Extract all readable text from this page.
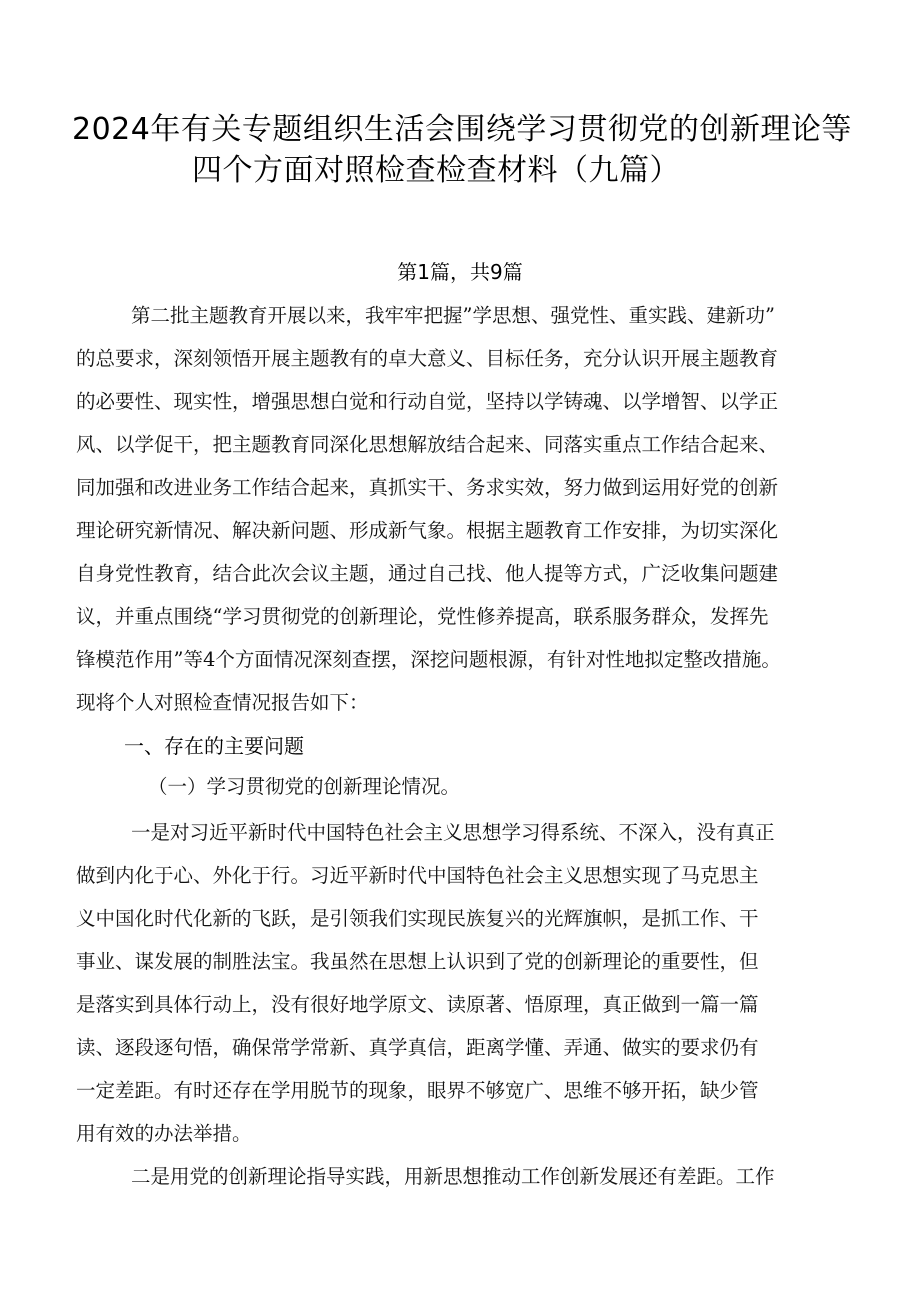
2024年有关专题组织生活会围绕学习贯彻党的创新理论等
四个方面对照检查检查材料（九篇）
第1篇，共9篇
第二批主题教育开展以来，我牢牢把握”学思想、强党性、重实践、建新功”
的总要求，深刻领悟开展主题教有的卓大意义、目标任务，充分认识开展主题教育
的必要性、现实性，增强思想白觉和行动自觉，坚持以学铸魂、以学增智、以学正
风、以学促干，把主题教育同深化思想解放结合起来、同落实重点工作结合起来、
同加强和改进业务工作结合起来，真抓实干、务求实效，努力做到运用好党的创新
理论研究新情况、解决新问题、形成新气象。根据主题教育工作安排，为切实深化
自身党性教育，结合此次会议主题，通过自己找、他人提等方式，广泛收集问题建
议，并重点围绕“学习贯彻党的创新理论，党性修养提高，联系服务群众，发挥先
锋模范作用”等4个方面情况深刻查摆，深挖问题根源，有针对性地拟定整改措施。
现将个人对照检查情况报告如下：
一、存在的主要问题
（一）学习贯彻党的创新理论情况。
一是对习近平新时代中国特色社会主义思想学习得系统、不深入，没有真正
做到内化于心、外化于行。习近平新时代中国特色社会主义思想实现了马克思主
义中国化时代化新的飞跃，是引领我们实现民族复兴的光辉旗帜，是抓工作、干
事业、谋发展的制胜法宝。我虽然在思想上认识到了党的创新理论的重要性，但
是落实到具体行动上，没有很好地学原文、读原著、悟原理，真正做到一篇一篇
读、逐段逐句悟，确保常学常新、真学真信，距离学懂、弄通、做实的要求仍有
一定差距。有时还存在学用脱节的现象，眼界不够宽广、思维不够开拓，缺少管
用有效的办法举措。
二是用党的创新理论指导实践，用新思想推动工作创新发展还有差距。工作
